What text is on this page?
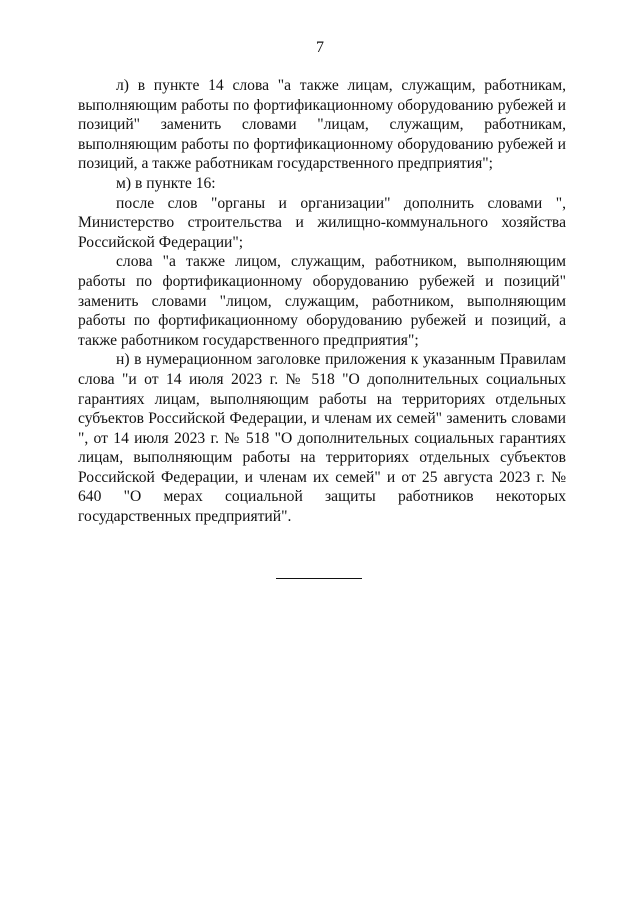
7

л) в пункте 14 слова "а также лицам, служащим, работникам, выполняющим работы по фортификационному оборудованию рубежей и позиций" заменить словами "лицам, служащим, работникам, выполняющим работы по фортификационному оборудованию рубежей и позиций, а также работникам государственного предприятия";

м) в пункте 16:

после слов "органы и организации" дополнить словами ", Министерство строительства и жилищно-коммунального хозяйства Российской Федерации";

слова "а также лицом, служащим, работником, выполняющим работы по фортификационному оборудованию рубежей и позиций" заменить словами "лицом, служащим, работником, выполняющим работы по фортификационному оборудованию рубежей и позиций, а также работником государственного предприятия";

н) в нумерационном заголовке приложения к указанным Правилам слова "и от 14 июля 2023 г. № 518 "О дополнительных социальных гарантиях лицам, выполняющим работы на территориях отдельных субъектов Российской Федерации, и членам их семей" заменить словами ", от 14 июля 2023 г. № 518 "О дополнительных социальных гарантиях лицам, выполняющим работы на территориях отдельных субъектов Российской Федерации, и членам их семей" и от 25 августа 2023 г. № 640 "О мерах социальной защиты работников некоторых государственных предприятий".
